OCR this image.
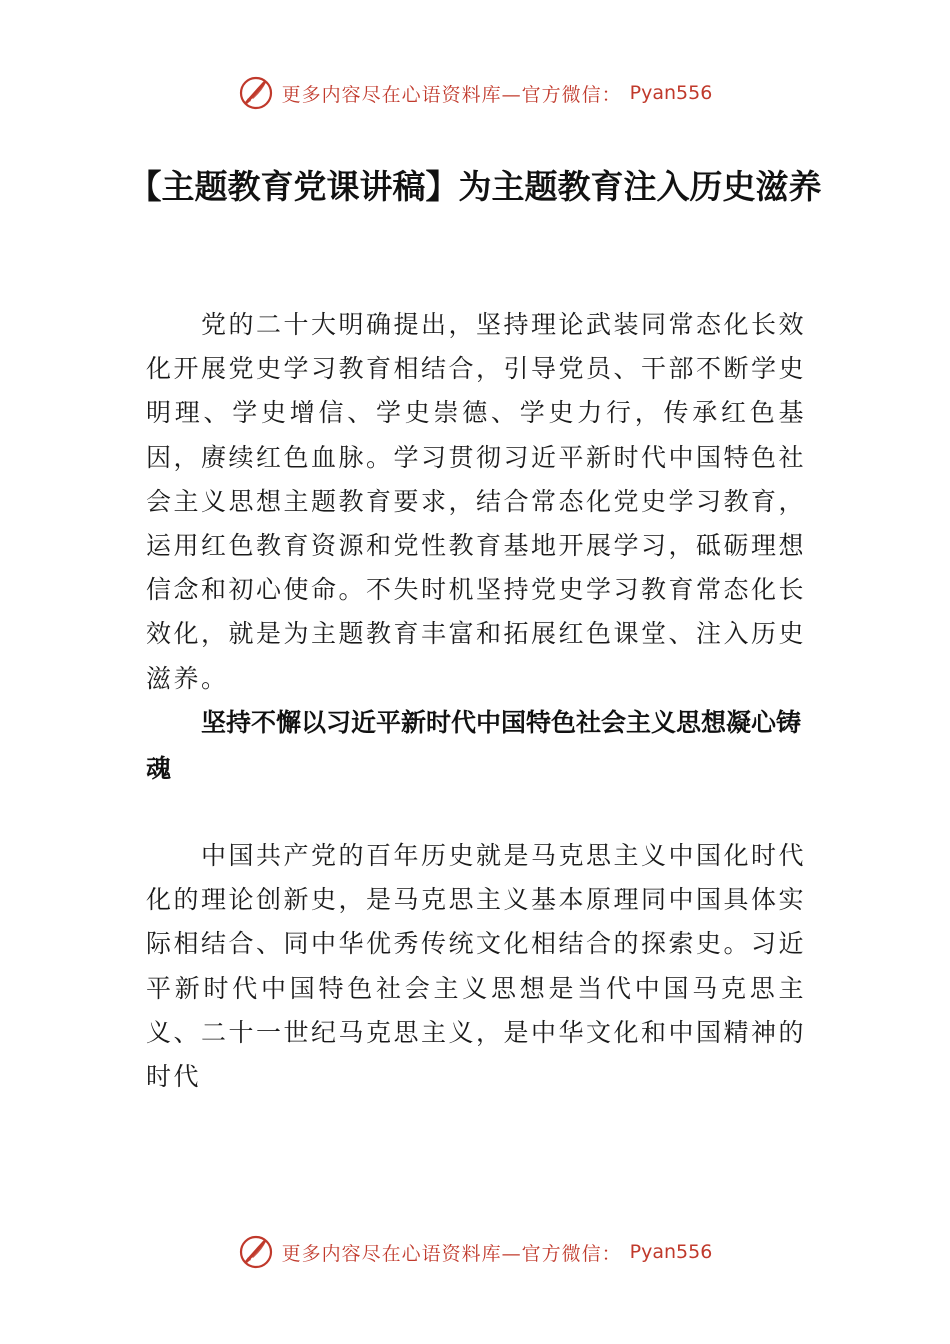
更多内容尽在心语资料库—官方微信： Pyan556
【主题教育党课讲稿】为主题教育注入历史滋养

党的二十大明确提出，坚持理论武装同常态化长效化开展党史学习教育相结合，引导党员、干部不断学史明理、学史增信、学史崇德、学史力行，传承红色基因，赓续红色血脉。学习贯彻习近平新时代中国特色社会主义思想主题教育要求，结合常态化党史学习教育，运用红色教育资源和党性教育基地开展学习，砥砺理想信念和初心使命。不失时机坚持党史学习教育常态化长效化，就是为主题教育丰富和拓展红色课堂、注入历史滋养。

坚持不懈以习近平新时代中国特色社会主义思想凝心铸魂

中国共产党的百年历史就是马克思主义中国化时代化的理论创新史，是马克思主义基本原理同中国具体实际相结合、同中华优秀传统文化相结合的探索史。习近平新时代中国特色社会主义思想是当代中国马克思主义、二十一世纪马克思主义，是中华文化和中国精神的时代

更多内容尽在心语资料库—官方微信： Pyan556
